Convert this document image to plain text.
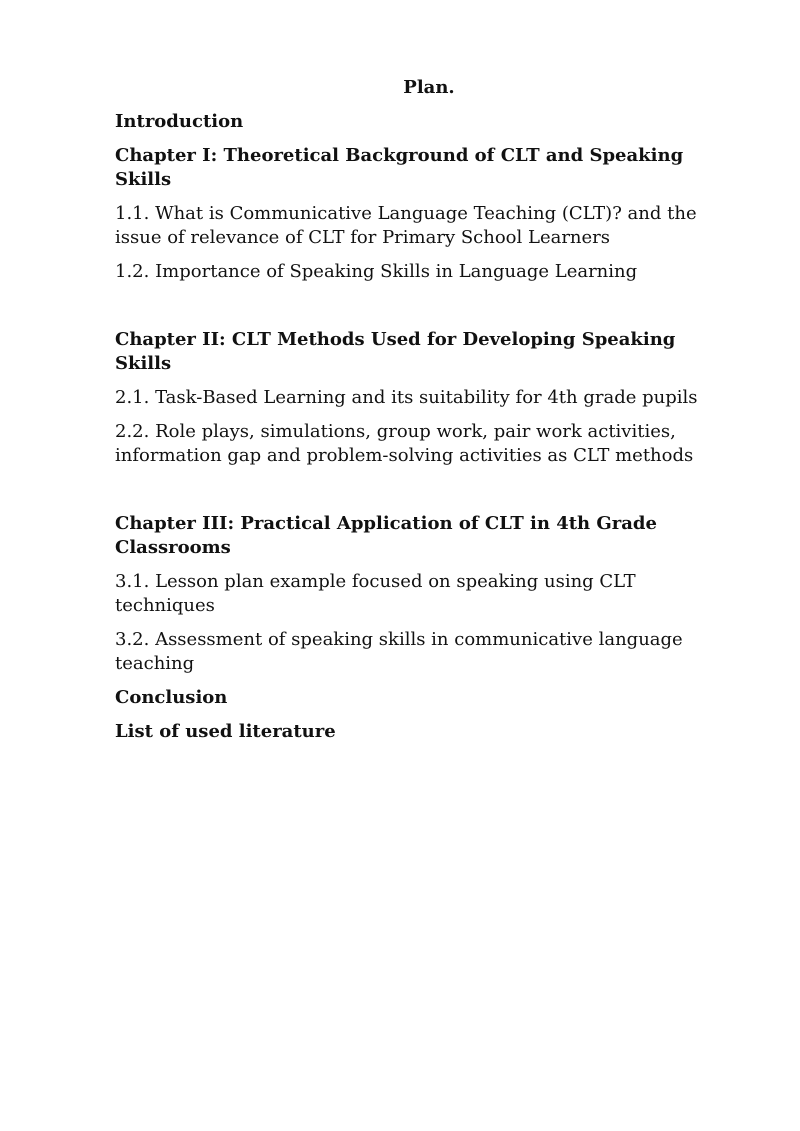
Plan.
Introduction
Chapter I: Theoretical Background of CLT and Speaking Skills
1.1. What is Communicative Language Teaching (CLT)? and the issue of relevance of CLT for Primary School Learners
1.2. Importance of Speaking Skills in Language Learning
Chapter II: CLT Methods Used for Developing Speaking Skills
2.1. Task-Based Learning and its suitability for 4th grade pupils
2.2. Role plays, simulations, group work, pair work activities, information gap and problem-solving activities as CLT methods
Chapter III: Practical Application of CLT in 4th Grade Classrooms
3.1. Lesson plan example focused on speaking using CLT techniques
3.2. Assessment of speaking skills in communicative language teaching
Conclusion
List of used literature
